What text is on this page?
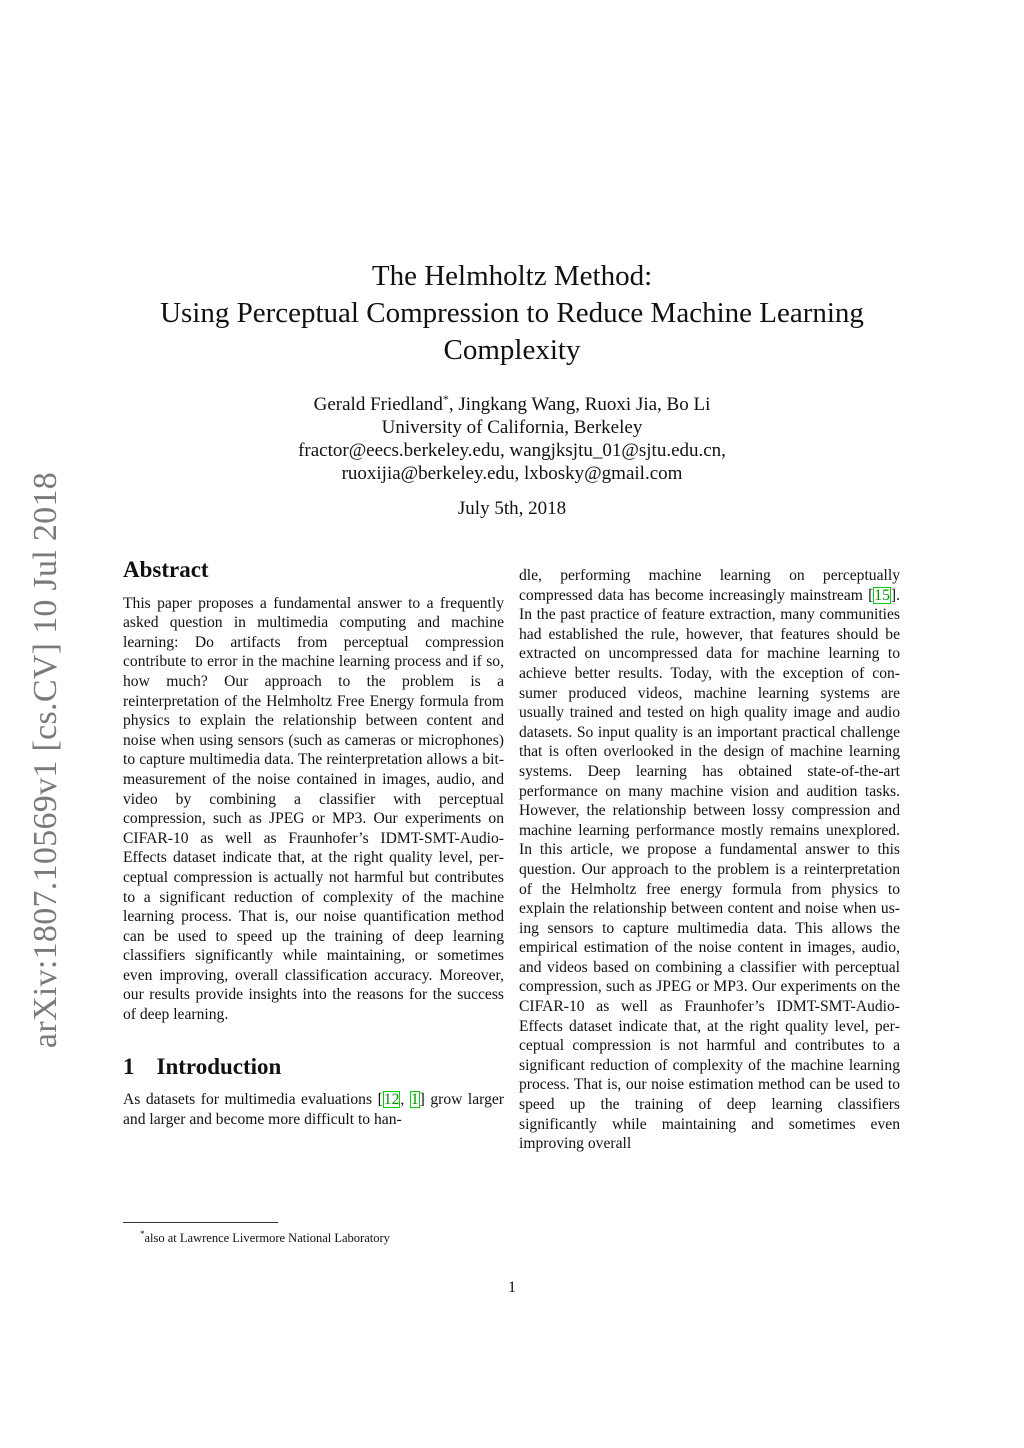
arXiv:1807.10569v1 [cs.CV] 10 Jul 2018
The Helmholtz Method:
Using Perceptual Compression to Reduce Machine Learning
Complexity
Gerald Friedland*, Jingkang Wang, Ruoxi Jia, Bo Li
University of California, Berkeley
fractor@eecs.berkeley.edu, wangjksjtu_01@sjtu.edu.cn,
ruoxijia@berkeley.edu, lxbosky@gmail.com
July 5th, 2018
Abstract

This paper proposes a fundamental answer to a frequently asked question in multimedia computing and machine learning: Do artifacts from perceptual compression contribute to error in the machine learning process and if so, how much? Our approach to the problem is a reinterpretation of the Helmholtz Free Energy formula from physics to explain the relationship between content and noise when using sensors (such as cameras or microphones) to capture multimedia data. The reinterpretation allows a bit-measurement of the noise contained in images, audio, and video by combining a classifier with perceptual compression, such as JPEG or MP3. Our experiments on CIFAR-10 as well as Fraunhofer’s IDMT-SMT-Audio-Effects dataset indicate that, at the right quality level, perceptual compression is actually not harmful but contributes to a significant reduction of complexity of the machine learning process. That is, our noise quantification method can be used to speed up the training of deep learning classifiers significantly while maintaining, or sometimes even improving, overall classification accuracy. Moreover, our results provide insights into the reasons for the success of deep learning.

1 Introduction

As datasets for multimedia evaluations [12, 1] grow larger and larger and become more difficult to han-

dle, performing machine learning on perceptually compressed data has become increasingly mainstream [15]. In the past practice of feature extraction, many communities had established the rule, however, that features should be extracted on uncompressed data for machine learning to achieve better results. Today, with the exception of consumer produced videos, machine learning systems are usually trained and tested on high quality image and audio datasets. So input quality is an important practical challenge that is often overlooked in the design of machine learning systems. Deep learning has obtained state-of-the-art performance on many machine vision and audition tasks. However, the relationship between lossy compression and machine learning performance mostly remains unexplored. In this article, we propose a fundamental answer to this question. Our approach to the problem is a reinterpretation of the Helmholtz free energy formula from physics to explain the relationship between content and noise when using sensors to capture multimedia data. This allows the empirical estimation of the noise content in images, audio, and videos based on combining a classifier with perceptual compression, such as JPEG or MP3. Our experiments on the CIFAR-10 as well as Fraunhofer’s IDMT-SMT-Audio-Effects dataset indicate that, at the right quality level, perceptual compression is not harmful and contributes to a significant reduction of complexity of the machine learning process. That is, our noise estimation method can be used to speed up the training of deep learning classifiers significantly while maintaining and sometimes even improving overall

*also at Lawrence Livermore National Laboratory
1
